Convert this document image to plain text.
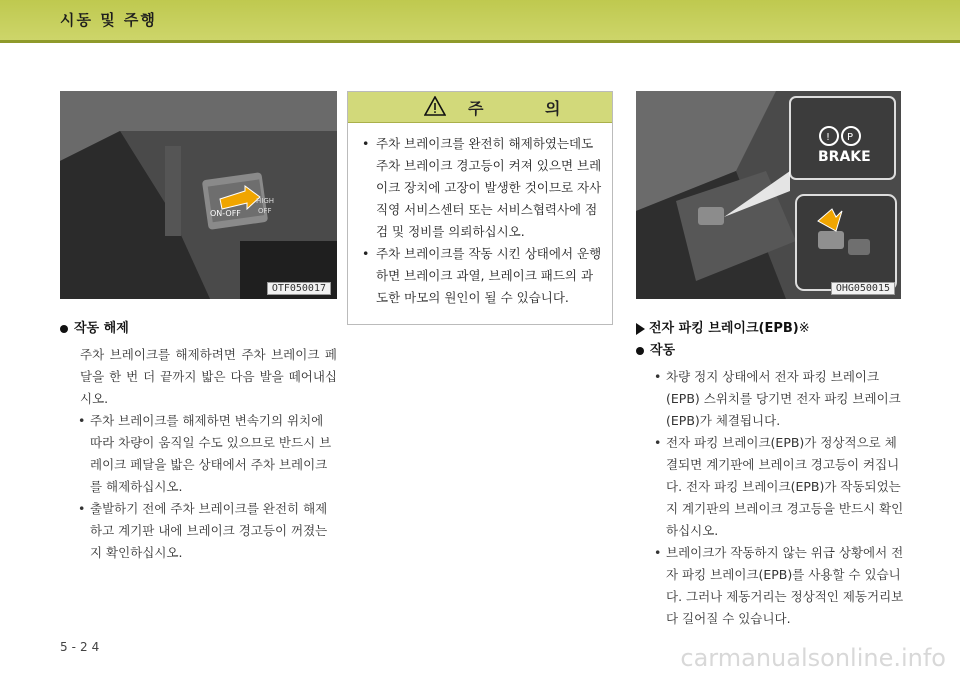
시동 및 주행
ON-OFF
HIGH
OFF
OTF050017
주 의
• 주차 브레이크를 완전히 해제하였는데도 주차 브레이크 경고등이 켜져 있으면 브레이크 장치에 고장이 발생한 것이므로 자사 직영 서비스센터 또는 서비스협력사에 점검 및 정비를 의뢰하십시오.
• 주차 브레이크를 작동 시킨 상태에서 운행하면 브레이크 과열, 브레이크 패드의 과도한 마모의 원인이 될 수 있습니다.
! P
BRAKE
OHG050015
작동 해제
주차 브레이크를 해제하려면 주차 브레이크 페달을 한 번 더 끝까지 밟은 다음 발을 떼어내십시오.
• 주차 브레이크를 해제하면 변속기의 위치에 따라 차량이 움직일 수도 있으므로 반드시 브레이크 페달을 밟은 상태에서 주차 브레이크를 해제하십시오.
• 출발하기 전에 주차 브레이크를 완전히 해제하고 계기판 내에 브레이크 경고등이 꺼졌는지 확인하십시오.
전자 파킹 브레이크(EPB)※
작동
• 차량 정지 상태에서 전자 파킹 브레이크 (EPB) 스위치를 당기면 전자 파킹 브레이크 (EPB)가 체결됩니다.
• 전자 파킹 브레이크(EPB)가 정상적으로 체결되면 계기판에 브레이크 경고등이 켜집니다. 전자 파킹 브레이크(EPB)가 작동되었는지 계기판의 브레이크 경고등을 반드시 확인하십시오.
• 브레이크가 작동하지 않는 위급 상황에서 전자 파킹 브레이크(EPB)를 사용할 수 있습니다. 그러나 제동거리는 정상적인 제동거리보다 길어질 수 있습니다.
5-24	carmanualsonline.info
